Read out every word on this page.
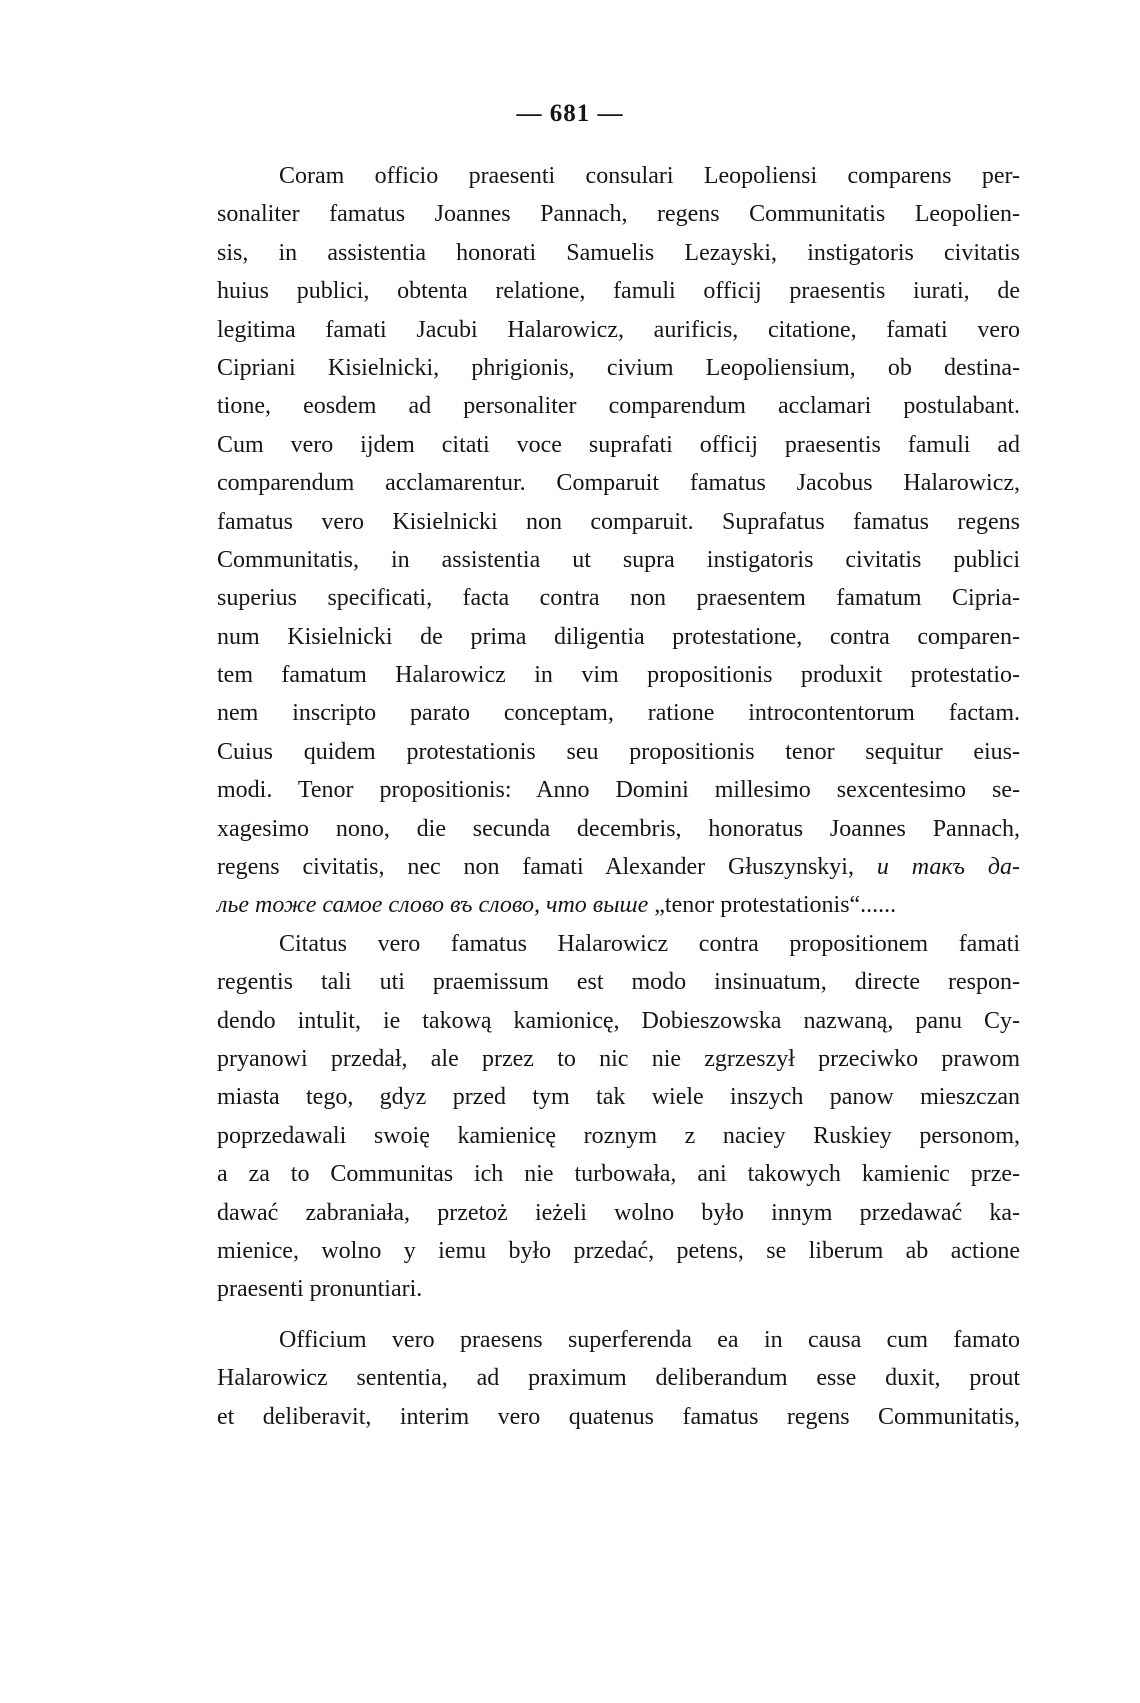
— 681 —
Coram officio praesenti consulari Leopoliensi comparens per-
sonaliter famatus Joannes Pannach, regens Communitatis Leopolien-
sis, in assistentia honorati Samuelis Lezayski, instigatoris civitatis
huius publici, obtenta relatione, famuli officij praesentis iurati, de
legitima famati Jacubi Halarowicz, aurificis, citatione, famati vero
Cipriani Kisielnicki, phrigionis, civium Leopoliensium, ob destina-
tione, eosdem ad personaliter comparendum acclamari postulabant.
Cum vero ijdem citati voce suprafati officij praesentis famuli ad
comparendum acclamarentur. Comparuit famatus Jacobus Halarowicz,
famatus vero Kisielnicki non comparuit. Suprafatus famatus regens
Communitatis, in assistentia ut supra instigatoris civitatis publici
superius specificati, facta contra non praesentem famatum Cipria-
num Kisielnicki de prima diligentia protestatione, contra comparen-
tem famatum Halarowicz in vim propositionis produxit protestatio-
nem inscripto parato conceptam, ratione introcontentorum factam.
Cuius quidem protestationis seu propositionis tenor sequitur eius-
modi. Tenor propositionis: Anno Domini millesimo sexcentesimo se-
xagesimo nono, die secunda decembris, honoratus Joannes Pannach,
regens civitatis, nec non famati Alexander Głuszynskyi, и такъ да-
лье тоже самое слово въ слово, что выше „tenor protestationis“......
Citatus vero famatus Halarowicz contra propositionem famati
regentis tali uti praemissum est modo insinuatum, directe respon-
dendo intulit, ie takową kamionicę, Dobieszowska nazwaną, panu Cy-
pryanowi przedał, ale przez to nic nie zgrzeszył przeciwko prawom
miasta tego, gdyz przed tym tak wiele inszych panow mieszczan
poprzedawali swoię kamienicę roznym z naciey Ruskiey personom,
a za to Communitas ich nie turbowała, ani takowych kamienic prze-
dawać zabraniała, przetoż ieżeli wolno było innym przedawać ka-
mienice, wolno y iemu było przedać, petens, se liberum ab actione
praesenti pronuntiari.
Officium vero praesens superferenda ea in causa cum famato
Halarowicz sententia, ad praximum deliberandum esse duxit, prout
et deliberavit, interim vero quatenus famatus regens Communitatis,
